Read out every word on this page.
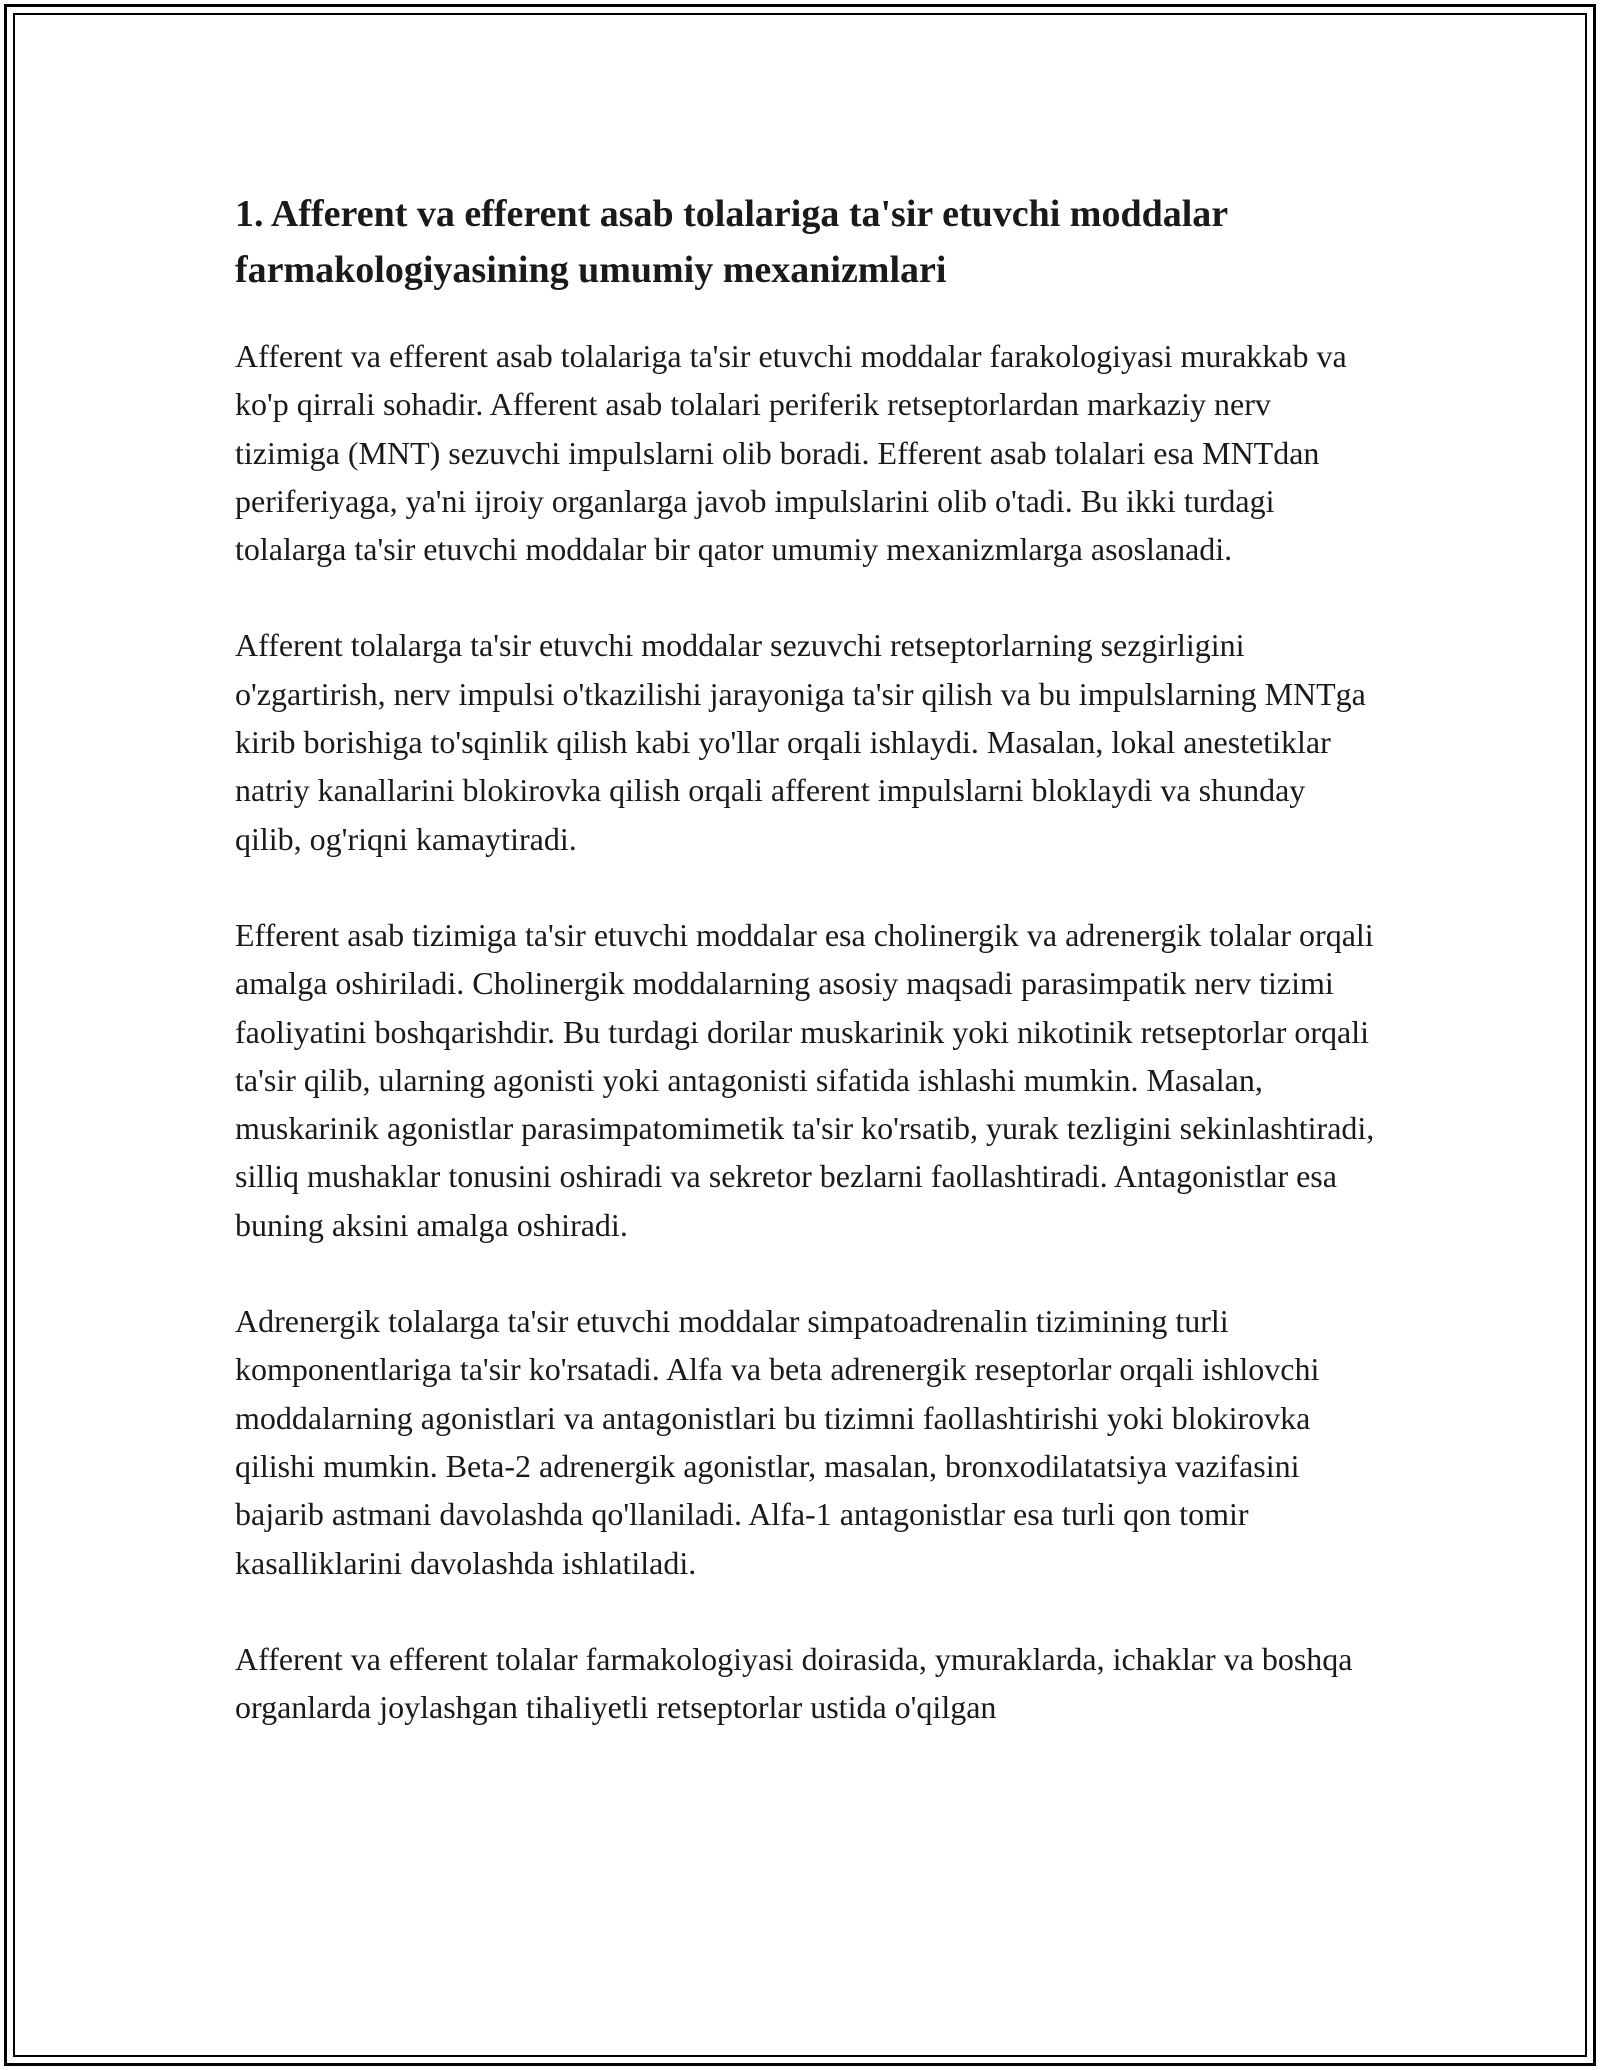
1. Afferent va efferent asab tolalariga ta'sir etuvchi moddalar farmakologiyasining umumiy mexanizmlari

Afferent va efferent asab tolalariga ta'sir etuvchi moddalar farakologiyasi murakkab va ko'p qirrali sohadir. Afferent asab tolalari periferik retseptorlardan markaziy nerv tizimiga (MNT) sezuvchi impulslarni olib boradi. Efferent asab tolalari esa MNTdan periferiyaga, ya'ni ijroiy organlarga javob impulslarini olib o'tadi. Bu ikki turdagi tolalarga ta'sir etuvchi moddalar bir qator umumiy mexanizmlarga asoslanadi.

Afferent tolalarga ta'sir etuvchi moddalar sezuvchi retseptorlarning sezgirligini o'zgartirish, nerv impulsi o'tkazilishi jarayoniga ta'sir qilish va bu impulslarning MNTga kirib borishiga to'sqinlik qilish kabi yo'llar orqali ishlaydi. Masalan, lokal anestetiklar natriy kanallarini blokirovka qilish orqali afferent impulslarni bloklaydi va shunday qilib, og'riqni kamaytiradi.

Efferent asab tizimiga ta'sir etuvchi moddalar esa cholinergik va adrenergik tolalar orqali amalga oshiriladi. Cholinergik moddalarning asosiy maqsadi parasimpatik nerv tizimi faoliyatini boshqarishdir. Bu turdagi dorilar muskarinik yoki nikotinik retseptorlar orqali ta'sir qilib, ularning agonisti yoki antagonisti sifatida ishlashi mumkin. Masalan, muskarinik agonistlar parasimpatomimetik ta'sir ko'rsatib, yurak tezligini sekinlashtiradi, silliq mushaklar tonusini oshiradi va sekretor bezlarni faollashtiradi. Antagonistlar esa buning aksini amalga oshiradi.

Adrenergik tolalarga ta'sir etuvchi moddalar simpatoadrenalin tizimining turli komponentlariga ta'sir ko'rsatadi. Alfa va beta adrenergik reseptorlar orqali ishlovchi moddalarning agonistlari va antagonistlari bu tizimni faollashtirishi yoki blokirovka qilishi mumkin. Beta-2 adrenergik agonistlar, masalan, bronxodilatatsiya vazifasini bajarib astmani davolashda qo'llaniladi. Alfa-1 antagonistlar esa turli qon tomir kasalliklarini davolashda ishlatiladi.

Afferent va efferent tolalar farmakologiyasi doirasida, ymuraklarda, ichaklar va boshqa organlarda joylashgan tihaliyetli retseptorlar ustida o'qilgan
